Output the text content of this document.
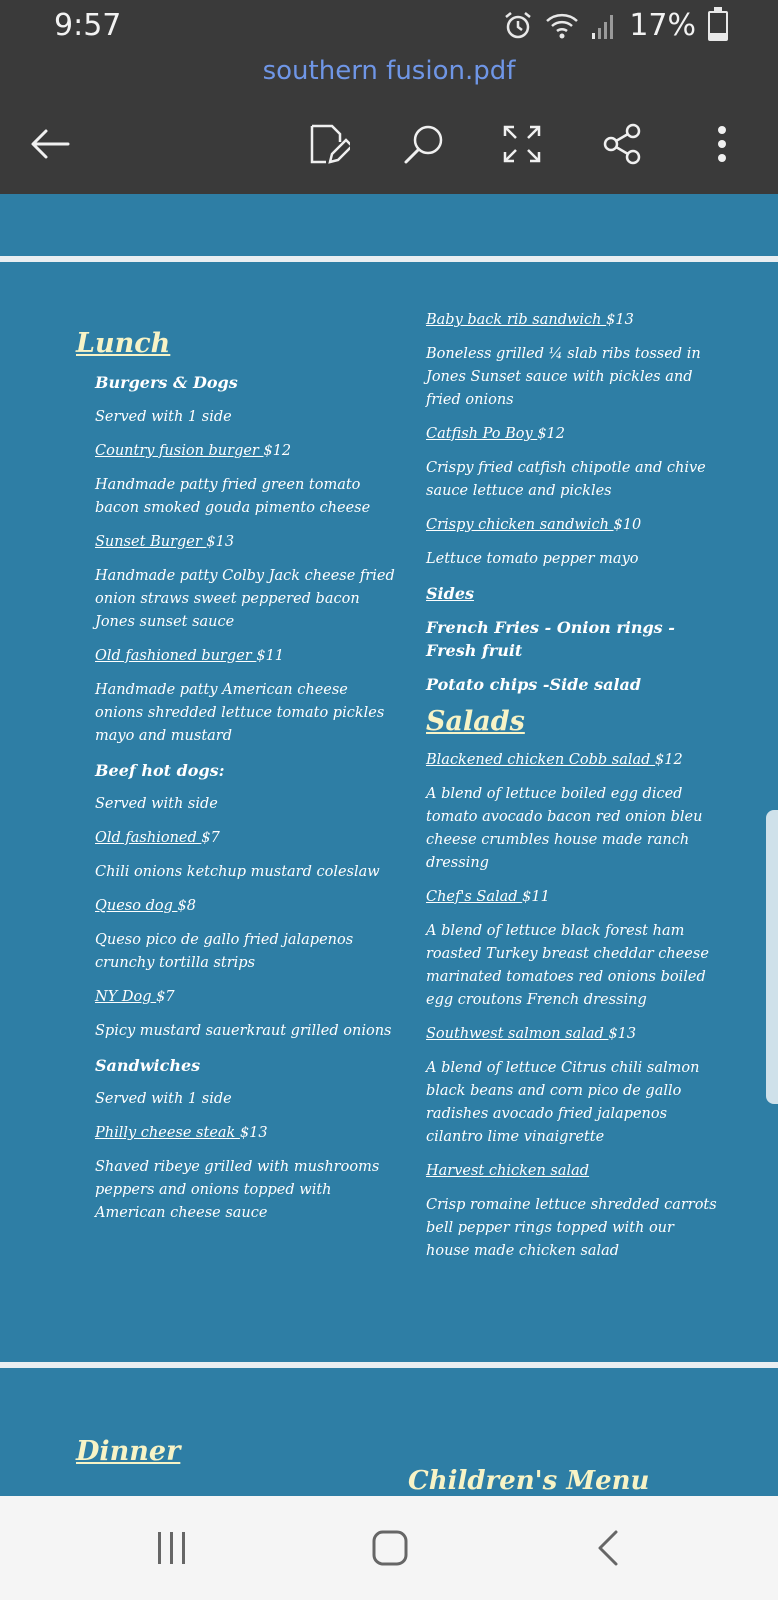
9:57	17%
southern fusion.pdf
Lunch

Burgers & Dogs

Served with 1 side

Country fusion burger $12

Handmade patty fried green tomato bacon smoked gouda pimento cheese

Sunset Burger $13

Handmade patty Colby Jack cheese fried onion straws sweet peppered bacon Jones sunset sauce

Old fashioned burger $11

Handmade patty American cheese onions shredded lettuce tomato pickles mayo and mustard

Beef hot dogs:

Served with side

Old fashioned $7

Chili onions ketchup mustard coleslaw

Queso dog $8

Queso pico de gallo fried jalapenos crunchy tortilla strips

NY Dog $7

Spicy mustard sauerkraut grilled onions

Sandwiches

Served with 1 side

Philly cheese steak $13

Shaved ribeye grilled with mushrooms peppers and onions topped with American cheese sauce

Baby back rib sandwich $13

Boneless grilled ¼ slab ribs tossed in Jones Sunset sauce with pickles and fried onions

Catfish Po Boy $12

Crispy fried catfish chipotle and chive sauce lettuce and pickles

Crispy chicken sandwich $10

Lettuce tomato pepper mayo

Sides

French Fries - Onion rings - Fresh fruit

Potato chips -Side salad

Salads

Blackened chicken Cobb salad $12

A blend of lettuce boiled egg diced tomato avocado bacon red onion bleu cheese crumbles house made ranch dressing

Chef's Salad $11

A blend of lettuce black forest ham roasted Turkey breast cheddar cheese marinated tomatoes red onions boiled egg croutons French dressing

Southwest salmon salad $13

A blend of lettuce Citrus chili salmon black beans and corn pico de gallo radishes avocado fried jalapenos cilantro lime vinaigrette

Harvest chicken salad

Crisp romaine lettuce shredded carrots bell pepper rings topped with our house made chicken salad

Dinner
Children's Menu
